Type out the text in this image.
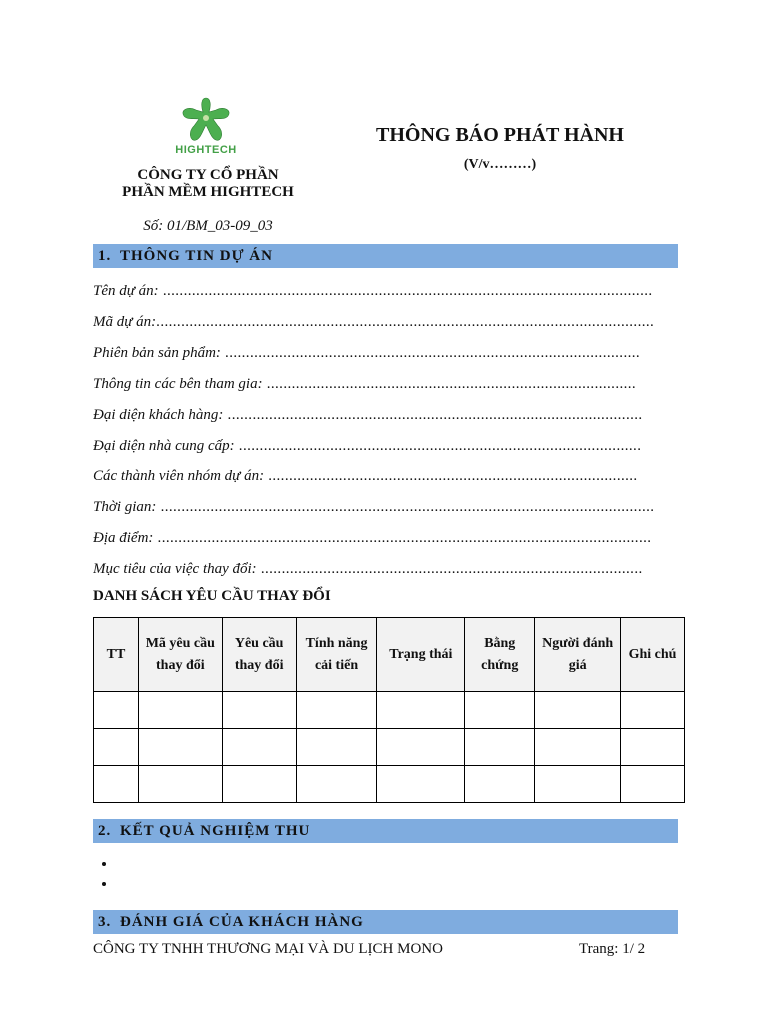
HIGHTECH
CÔNG TY CỔ PHẦN
PHẦN MỀM HIGHTECH
Số: 01/BM_03-09_03
THÔNG BÁO PHÁT HÀNH
(V/v………)
1. THÔNG TIN DỰ ÁN
Tên dự án: ......................................................................................................................
Mã dự án:........................................................................................................................
Phiên bản sản phẩm: ....................................................................................................
Thông tin các bên tham gia: .........................................................................................
Đại diện khách hàng: ....................................................................................................
Đại diện nhà cung cấp: .................................................................................................
Các thành viên nhóm dự án: .........................................................................................
Thời gian: .......................................................................................................................
Địa điểm: .......................................................................................................................
Mục tiêu của việc thay đổi: ............................................................................................
DANH SÁCH YÊU CẦU THAY ĐỔI
TT	Mã yêu cầu thay đổi	Yêu cầu thay đổi	Tính năng cải tiến	Trạng thái	Bằng chứng	Người đánh giá	Ghi chú

2. KẾT QUẢ NGHIỆM THU
3. ĐÁNH GIÁ CỦA KHÁCH HÀNG
CÔNG TY TNHH THƯƠNG MẠI VÀ DU LỊCH MONO	Trang: 1/ 2
